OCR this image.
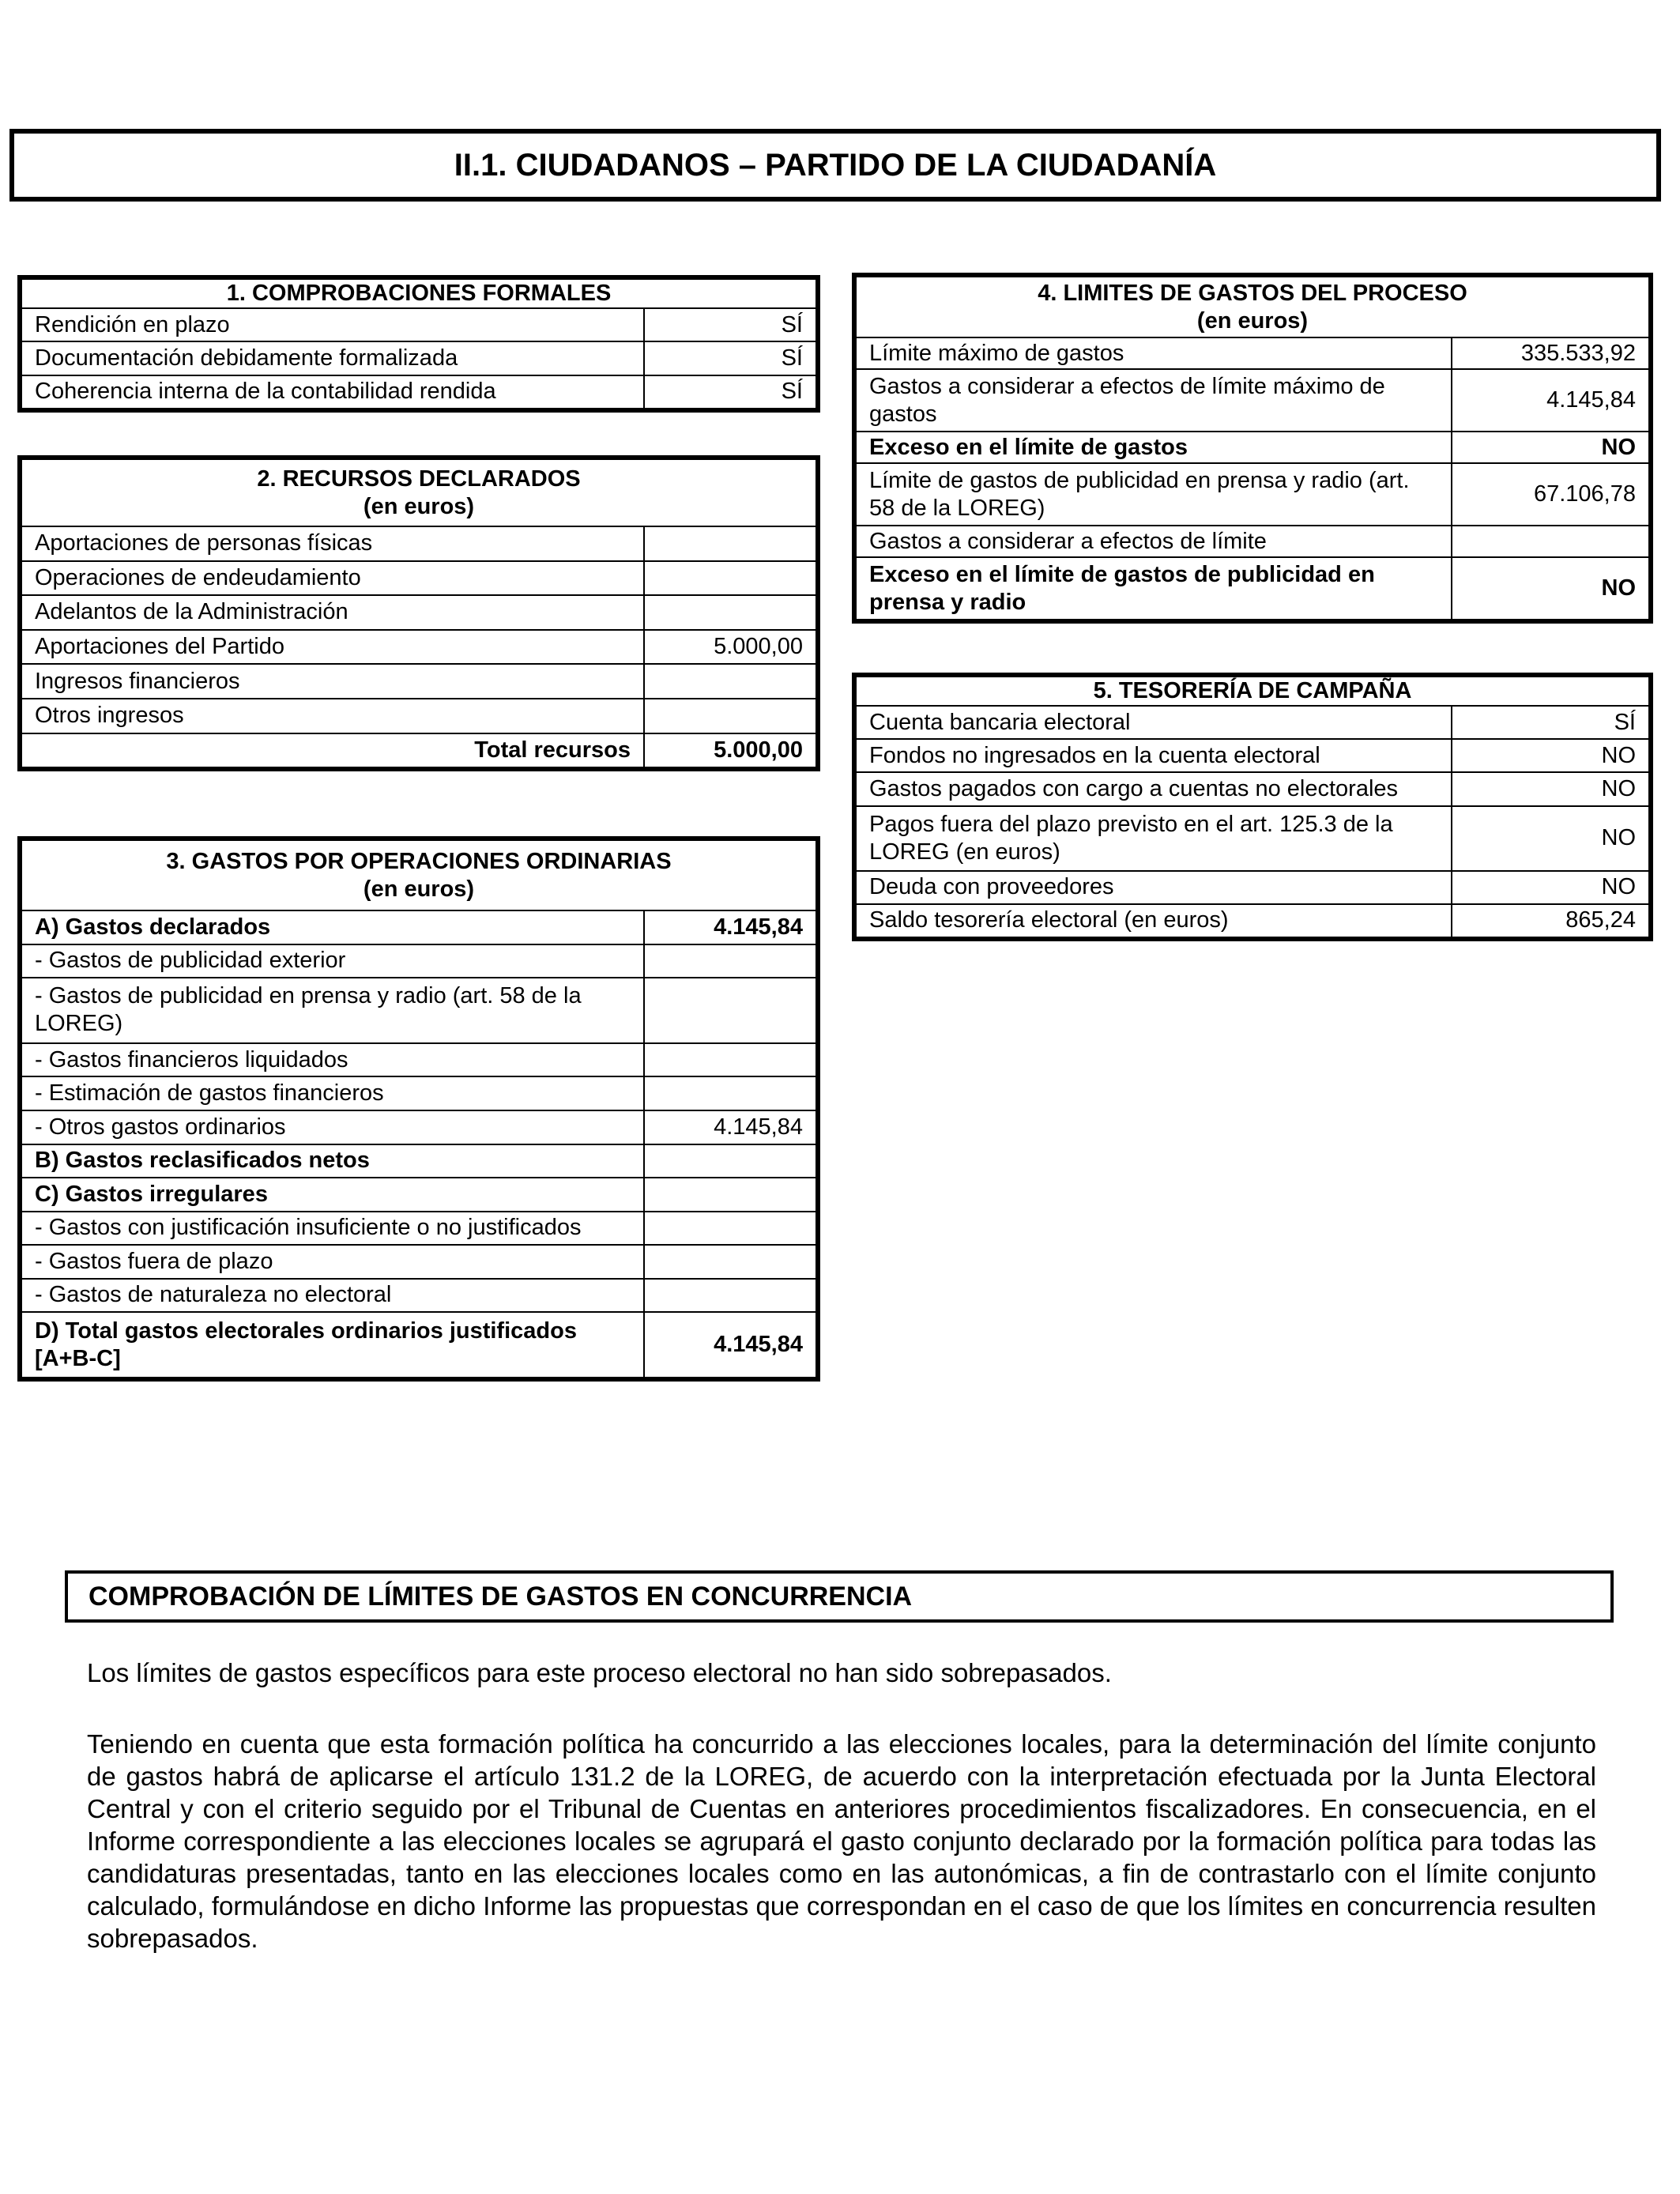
II.1. CIUDADANOS – PARTIDO DE LA CIUDADANÍA
1. COMPROBACIONES FORMALES	
Rendición en plazo	SÍ
Documentación debidamente formalizada	SÍ
Coherencia interna de la contabilidad rendida	SÍ
2. RECURSOS DECLARADOS
(en euros)	
Aportaciones de personas físicas	
Operaciones de endeudamiento	
Adelantos de la Administración	
Aportaciones del Partido	5.000,00
Ingresos financieros	
Otros ingresos	
Total recursos	5.000,00
3. GASTOS POR OPERACIONES ORDINARIAS
(en euros)	
A) Gastos declarados	4.145,84
- Gastos de publicidad exterior	
- Gastos de publicidad en prensa y radio (art. 58 de la LOREG)	
- Gastos financieros liquidados	
- Estimación de gastos financieros	
- Otros gastos ordinarios	4.145,84
B) Gastos reclasificados netos	
C) Gastos irregulares	
- Gastos con justificación insuficiente o no justificados	
- Gastos fuera de plazo	
- Gastos de naturaleza no electoral	
D) Total gastos electorales ordinarios justificados [A+B-C]	4.145,84
4. LIMITES DE GASTOS DEL PROCESO
(en euros)	
Límite máximo de gastos	335.533,92
Gastos a considerar a efectos de límite máximo de gastos	4.145,84
Exceso en el límite de gastos	NO
Límite de gastos de publicidad en prensa y radio (art. 58 de la LOREG)	67.106,78
Gastos a considerar a efectos de límite	
Exceso en el límite de gastos de publicidad en prensa y radio	NO
5. TESORERÍA DE CAMPAÑA	
Cuenta bancaria electoral	SÍ
Fondos no ingresados en la cuenta electoral	NO
Gastos pagados con cargo a cuentas no electorales	NO
Pagos fuera del plazo previsto en el art. 125.3 de la LOREG (en euros)	NO
Deuda con proveedores	NO
Saldo tesorería electoral (en euros)	865,24
COMPROBACIÓN DE LÍMITES DE GASTOS EN CONCURRENCIA

Los límites de gastos específicos para este proceso electoral no han sido sobrepasados.

Teniendo en cuenta que esta formación política ha concurrido a las elecciones locales, para la determinación del límite conjunto de gastos habrá de aplicarse el artículo 131.2 de la LOREG, de acuerdo con la interpretación efectuada por la Junta Electoral Central y con el criterio seguido por el Tribunal de Cuentas en anteriores procedimientos fiscalizadores. En consecuencia, en el Informe correspondiente a las elecciones locales se agrupará el gasto conjunto declarado por la formación política para todas las candidaturas presentadas, tanto en las elecciones locales como en las autonómicas, a fin de contrastarlo con el límite conjunto calculado, formulándose en dicho Informe las propuestas que correspondan en el caso de que los límites en concurrencia resulten sobrepasados.
